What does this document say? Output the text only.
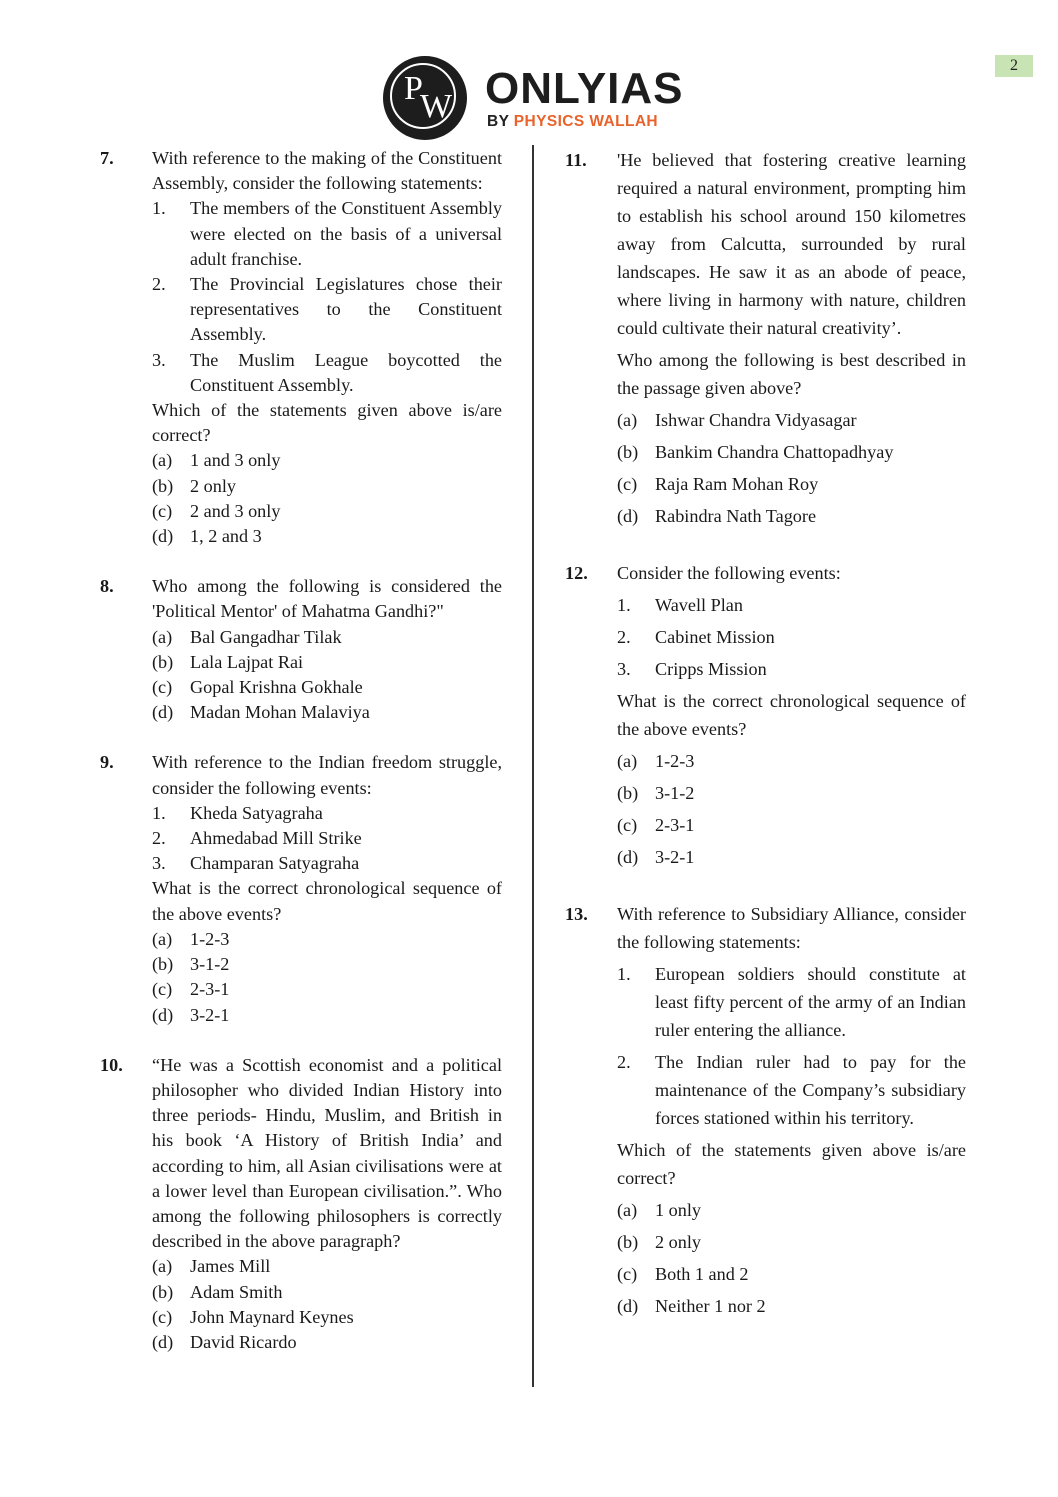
2
P
W ONLYIAS
BY PHYSICS WALLAH
7. With reference to the making of the Constituent Assembly, consider the following statements:
1. The members of the Constituent Assembly were elected on the basis of a universal adult franchise.
2. The Provincial Legislatures chose their representatives to the Constituent Assembly.
3. The Muslim League boycotted the Constituent Assembly.
Which of the statements given above is/are correct?
(a) 1 and 3 only
(b) 2 only
(c) 2 and 3 only
(d) 1, 2 and 3
8. Who among the following is considered the 'Political Mentor' of Mahatma Gandhi?"
(a) Bal Gangadhar Tilak
(b) Lala Lajpat Rai
(c) Gopal Krishna Gokhale
(d) Madan Mohan Malaviya
9. With reference to the Indian freedom struggle, consider the following events:
1. Kheda Satyagraha
2. Ahmedabad Mill Strike
3. Champaran Satyagraha
What is the correct chronological sequence of the above events?
(a) 1-2-3
(b) 3-1-2
(c) 2-3-1
(d) 3-2-1
10. “He was a Scottish economist and a political philosopher who divided Indian History into three periods- Hindu, Muslim, and British in his book ‘A History of British India’ and according to him, all Asian civilisations were at a lower level than European civilisation.”. Who among the following philosophers is correctly described in the above paragraph?
(a) James Mill
(b) Adam Smith
(c) John Maynard Keynes
(d) David Ricardo
11. 'He believed that fostering creative learning required a natural environment, prompting him to establish his school around 150 kilometres away from Calcutta, surrounded by rural landscapes. He saw it as an abode of peace, where living in harmony with nature, children could cultivate their natural creativity’.
Who among the following is best described in the passage given above?
(a) Ishwar Chandra Vidyasagar
(b) Bankim Chandra Chattopadhyay
(c) Raja Ram Mohan Roy
(d) Rabindra Nath Tagore
12. Consider the following events:
1. Wavell Plan
2. Cabinet Mission
3. Cripps Mission
What is the correct chronological sequence of the above events?
(a) 1-2-3
(b) 3-1-2
(c) 2-3-1
(d) 3-2-1
13. With reference to Subsidiary Alliance, consider the following statements:
1. European soldiers should constitute at least fifty percent of the army of an Indian ruler entering the alliance.
2. The Indian ruler had to pay for the maintenance of the Company’s subsidiary forces stationed within his territory.
Which of the statements given above is/are correct?
(a) 1 only
(b) 2 only
(c) Both 1 and 2
(d) Neither 1 nor 2
